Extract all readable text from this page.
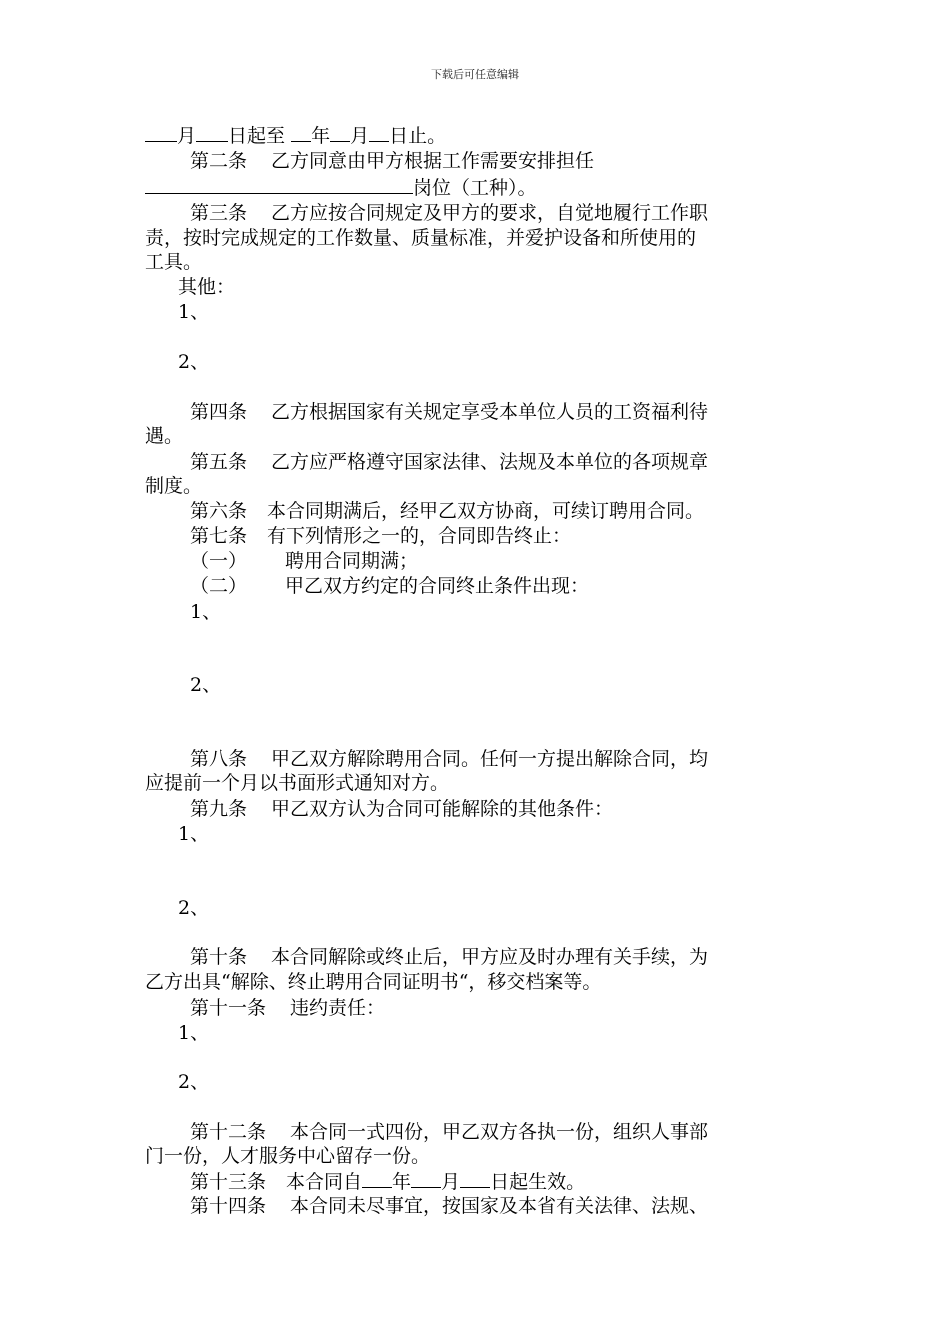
下载后可任意编辑
月 日起至 年 月 日止。
第二条 乙方同意由甲方根据工作需要安排担任
岗位（工种）。
第三条 乙方应按合同规定及甲方的要求，自觉地履行工作职
责，按时完成规定的工作数量、质量标准，并爱护设备和所使用的
工具。
其他：
1、
2、
第四条 乙方根据国家有关规定享受本单位人员的工资福利待
遇。
第五条 乙方应严格遵守国家法律、法规及本单位的各项规章
制度。
第六条 本合同期满后，经甲乙双方协商，可续订聘用合同。
第七条 有下列情形之一的，合同即告终止：
（一） 聘用合同期满；
（二） 甲乙双方约定的合同终止条件出现：
1、
2、
第八条 甲乙双方解除聘用合同。任何一方提出解除合同，均
应提前一个月以书面形式通知对方。
第九条 甲乙双方认为合同可能解除的其他条件：
1、
2、
第十条 本合同解除或终止后，甲方应及时办理有关手续，为
乙方出具“解除、终止聘用合同证明书“，移交档案等。
第十一条 违约责任：
1、
2、
第十二条 本合同一式四份，甲乙双方各执一份，组织人事部
门一份，人才服务中心留存一份。
第十三条 本合同自 年 月 日起生效。
第十四条 本合同未尽事宜，按国家及本省有关法律、法规、
